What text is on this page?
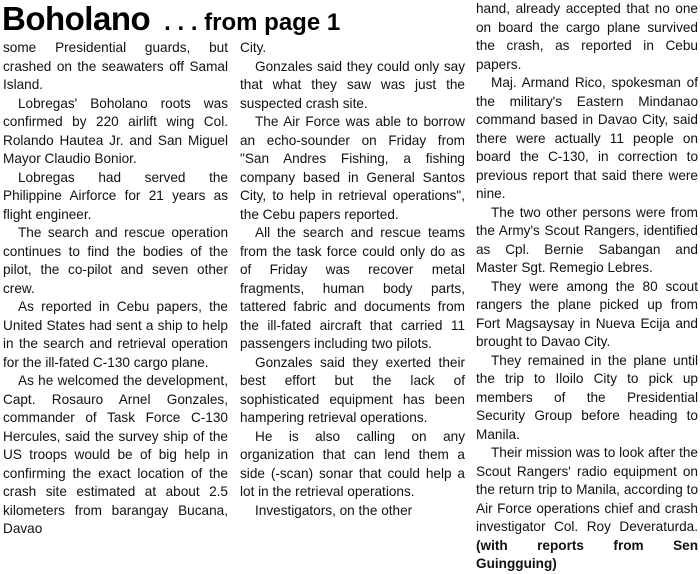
Boholano . . . from page 1

some Presidential guards, but crashed on the seawaters off Samal Island.

Lobregas' Boholano roots was confirmed by 220 airlift wing Col. Rolando Hautea Jr. and San Miguel Mayor Claudio Bonior.

Lobregas had served the Philippine Airforce for 21 years as flight engineer.

The search and rescue operation continues to find the bodies of the pilot, the co-pilot and seven other crew.

As reported in Cebu papers, the United States had sent a ship to help in the search and retrieval operation for the ill-fated C-130 cargo plane.

As he welcomed the development, Capt. Rosauro Arnel Gonzales, commander of Task Force C-130 Hercules, said the survey ship of the US troops would be of big help in confirming the exact location of the crash site estimated at about 2.5 kilometers from barangay Bucana, Davao

City.

Gonzales said they could only say that what they saw was just the suspected crash site.

The Air Force was able to borrow an echo-sounder on Friday from "San Andres Fishing, a fishing company based in General Santos City, to help in retrieval operations", the Cebu papers reported.

All the search and rescue teams from the task force could only do as of Friday was recover metal fragments, human body parts, tattered fabric and documents from the ill-fated aircraft that carried 11 passengers including two pilots.

Gonzales said they exerted their best effort but the lack of sophisticated equipment has been hampering retrieval operations.

He is also calling on any organization that can lend them a side (-scan) sonar that could help a lot in the retrieval operations.

Investigators, on the other

hand, already accepted that no one on board the cargo plane survived the crash, as reported in Cebu papers.

Maj. Armand Rico, spokesman of the military's Eastern Mindanao command based in Davao City, said there were actually 11 people on board the C-130, in correction to previous report that said there were nine.

The two other persons were from the Army's Scout Rangers, identified as Cpl. Bernie Sabangan and Master Sgt. Remegio Lebres.

They were among the 80 scout rangers the plane picked up from Fort Magsaysay in Nueva Ecija and brought to Davao City.

They remained in the plane until the trip to Iloilo City to pick up members of the Presidential Security Group before heading to Manila.

Their mission was to look after the Scout Rangers' radio equipment on the return trip to Manila, according to Air Force operations chief and crash investigator Col. Roy Deveraturda. (with reports from Sen Guingguing)
